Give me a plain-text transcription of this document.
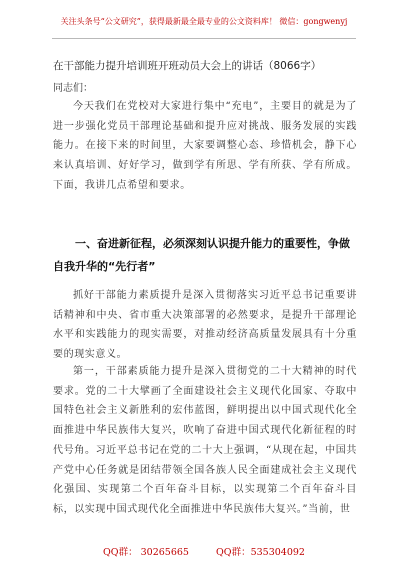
关注头条号“公文研究”，获得最新最全最专业的公文资料库！ 微信：gongwenyj
在干部能力提升培训班开班动员大会上的讲话（8066字）
同志们：
今天我们在党校对大家进行集中“充电”，主要目的就是为了进一步强化党员干部理论基础和提升应对挑战、服务发展的实践能力。在接下来的时间里，大家要调整心态、珍惜机会，静下心来认真培训、好好学习，做到学有所思、学有所获、学有所成。下面，我讲几点希望和要求。
一、奋进新征程，必须深刻认识提升能力的重要性，争做自我升华的“先行者”
抓好干部能力素质提升是深入贯彻落实习近平总书记重要讲话精神和中央、省市重大决策部署的必然要求，是提升干部理论水平和实践能力的现实需要，对推动经济高质量发展具有十分重要的现实意义。
第一，干部素质能力提升是深入贯彻党的二十大精神的时代要求。党的二十大擘画了全面建设社会主义现代化国家、夺取中国特色社会主义新胜利的宏伟蓝图，鲜明提出以中国式现代化全面推进中华民族伟大复兴，吹响了奋进中国式现代化新征程的时代号角。习近平总书记在党的二十大上强调，“从现在起，中国共产党中心任务就是团结带领全国各族人民全面建成社会主义现代化强国、实现第二个百年奋斗目标，以实现第二个百年奋斗目标，以实现中国式现代化全面推进中华民族伟大复兴。”当前，世
QQ群： 30265665	QQ群：535304092
